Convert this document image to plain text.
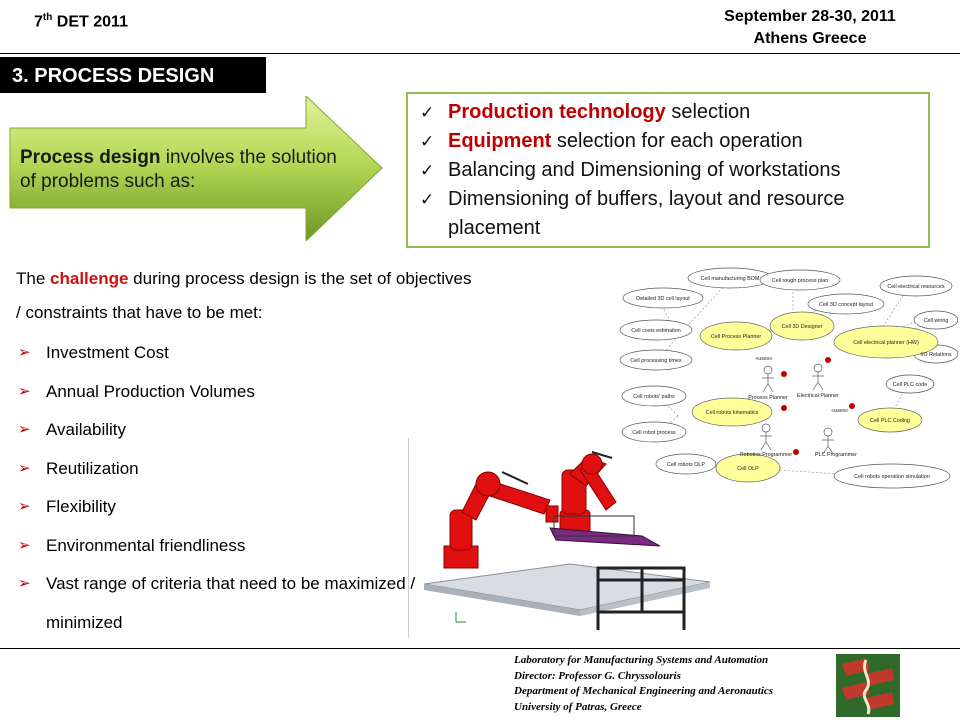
7th DET 2011	September 28-30, 2011
Athens Greece
3. PROCESS DESIGN
Process design involves the solution of problems such as:
✓ Production technology selection
✓ Equipment selection for each operation
✓ Balancing and Dimensioning of workstations
✓ Dimensioning of buffers, layout and resource placement
The challenge during process design is the set of objectives / constraints that have to be met:
➢ Investment Cost
➢ Annual Production Volumes
➢ Availability
➢ Reutilization
➢ Flexibility
➢ Environmental friendliness
➢ Vast range of criteria that need to be maximized / minimized
Detailed 3D cell layout
Cell manufacturing BOM Cell rough process plan
Cell 3D concept layout
Cell electrical resources
Cell costs estimation
Cell wiring
I/O Relations
Cell processing times
Cell PLC code
Cell robots' paths
Cell robot process
Cell robots OLP
Cell robots operation simulation
Cell Process Planner
Cell 3D Designer
Cell electrical planner (HW)
Cell robots kinematics
Cell PLC Coding
Cell OLP
Process Planner Electrical Planner
Robotics Programmer	PLC Programmer
«uses»
«uses»
Laboratory for Manufacturing Systems and Automation
Director: Professor G. Chryssolouris
Department of Mechanical Engineering and Aeronautics
University of Patras, Greece
